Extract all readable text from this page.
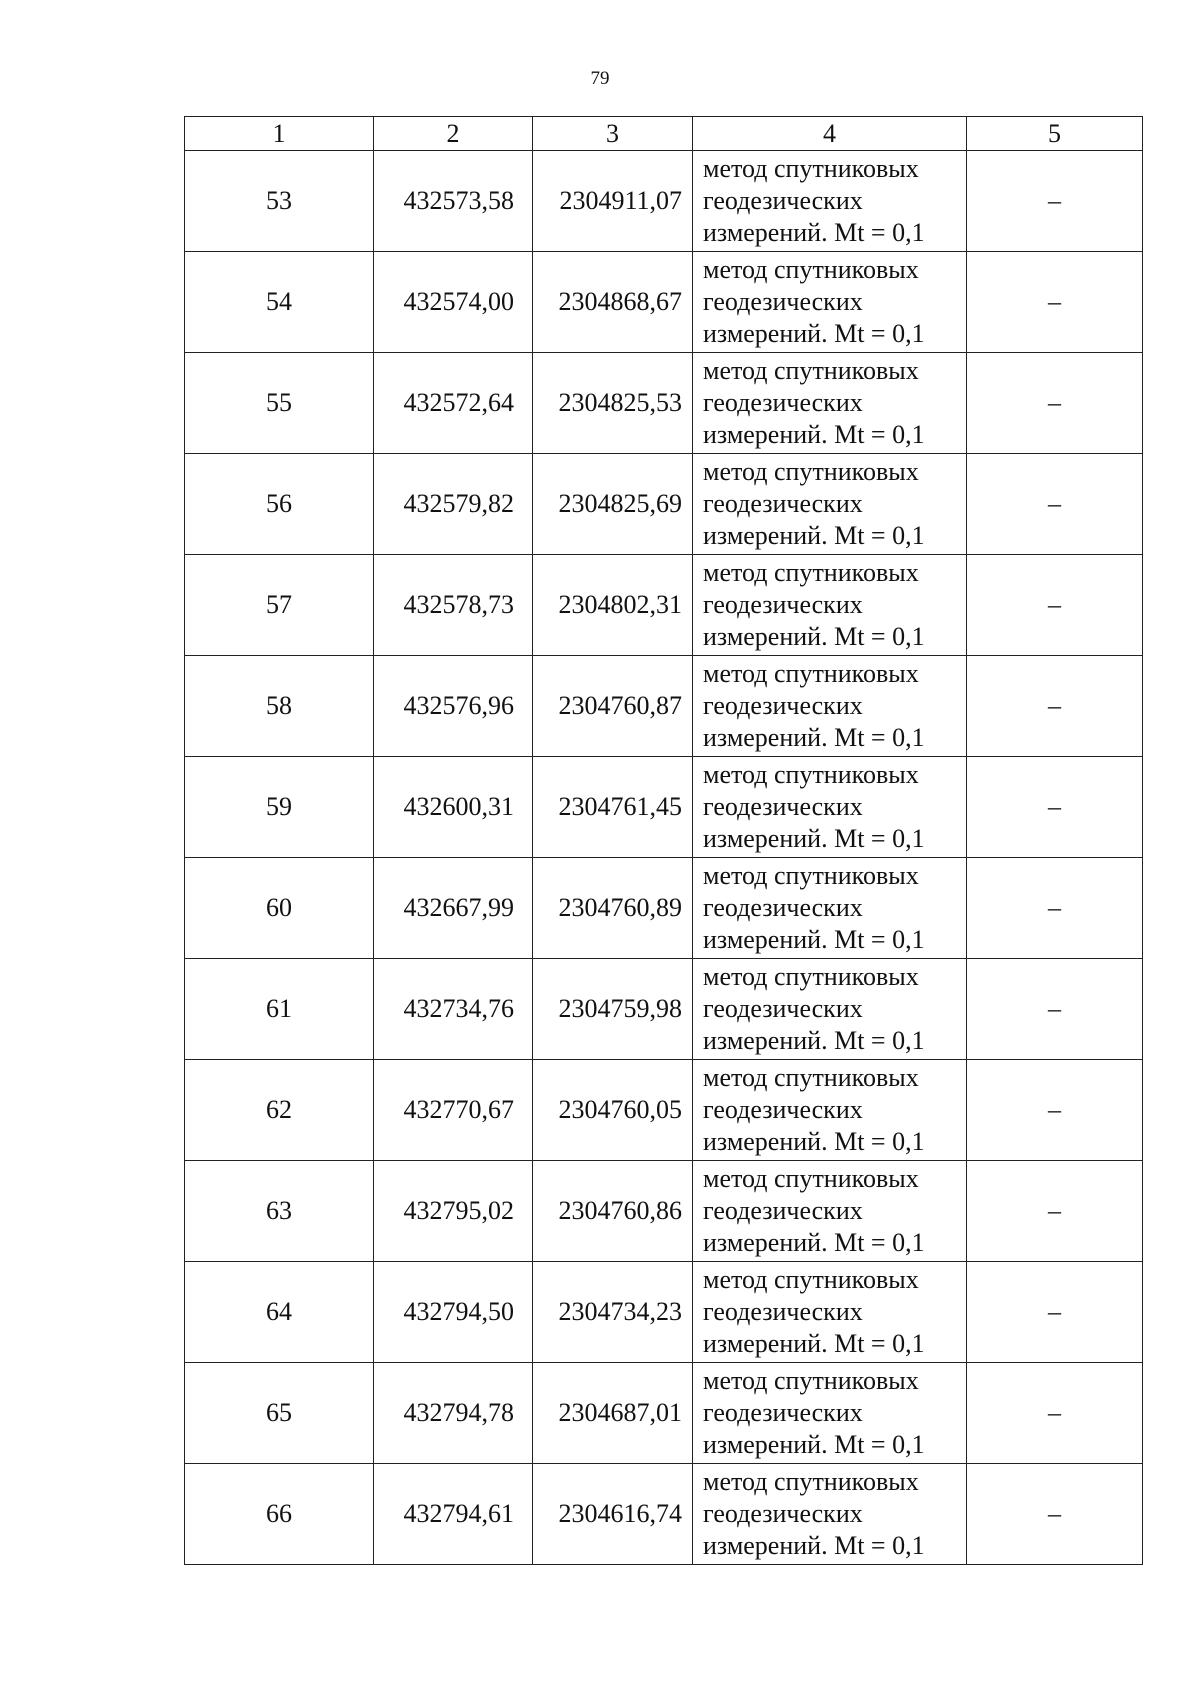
79
1	2	3	4	5
53	432573,58	2304911,07	метод спутниковых
геодезических
измерений. Mt = 0,1	–
54	432574,00	2304868,67	метод спутниковых
геодезических
измерений. Mt = 0,1	–
55	432572,64	2304825,53	метод спутниковых
геодезических
измерений. Mt = 0,1	–
56	432579,82	2304825,69	метод спутниковых
геодезических
измерений. Mt = 0,1	–
57	432578,73	2304802,31	метод спутниковых
геодезических
измерений. Mt = 0,1	–
58	432576,96	2304760,87	метод спутниковых
геодезических
измерений. Mt = 0,1	–
59	432600,31	2304761,45	метод спутниковых
геодезических
измерений. Mt = 0,1	–
60	432667,99	2304760,89	метод спутниковых
геодезических
измерений. Mt = 0,1	–
61	432734,76	2304759,98	метод спутниковых
геодезических
измерений. Mt = 0,1	–
62	432770,67	2304760,05	метод спутниковых
геодезических
измерений. Mt = 0,1	–
63	432795,02	2304760,86	метод спутниковых
геодезических
измерений. Mt = 0,1	–
64	432794,50	2304734,23	метод спутниковых
геодезических
измерений. Mt = 0,1	–
65	432794,78	2304687,01	метод спутниковых
геодезических
измерений. Mt = 0,1	–
66	432794,61	2304616,74	метод спутниковых
геодезических
измерений. Mt = 0,1	–
